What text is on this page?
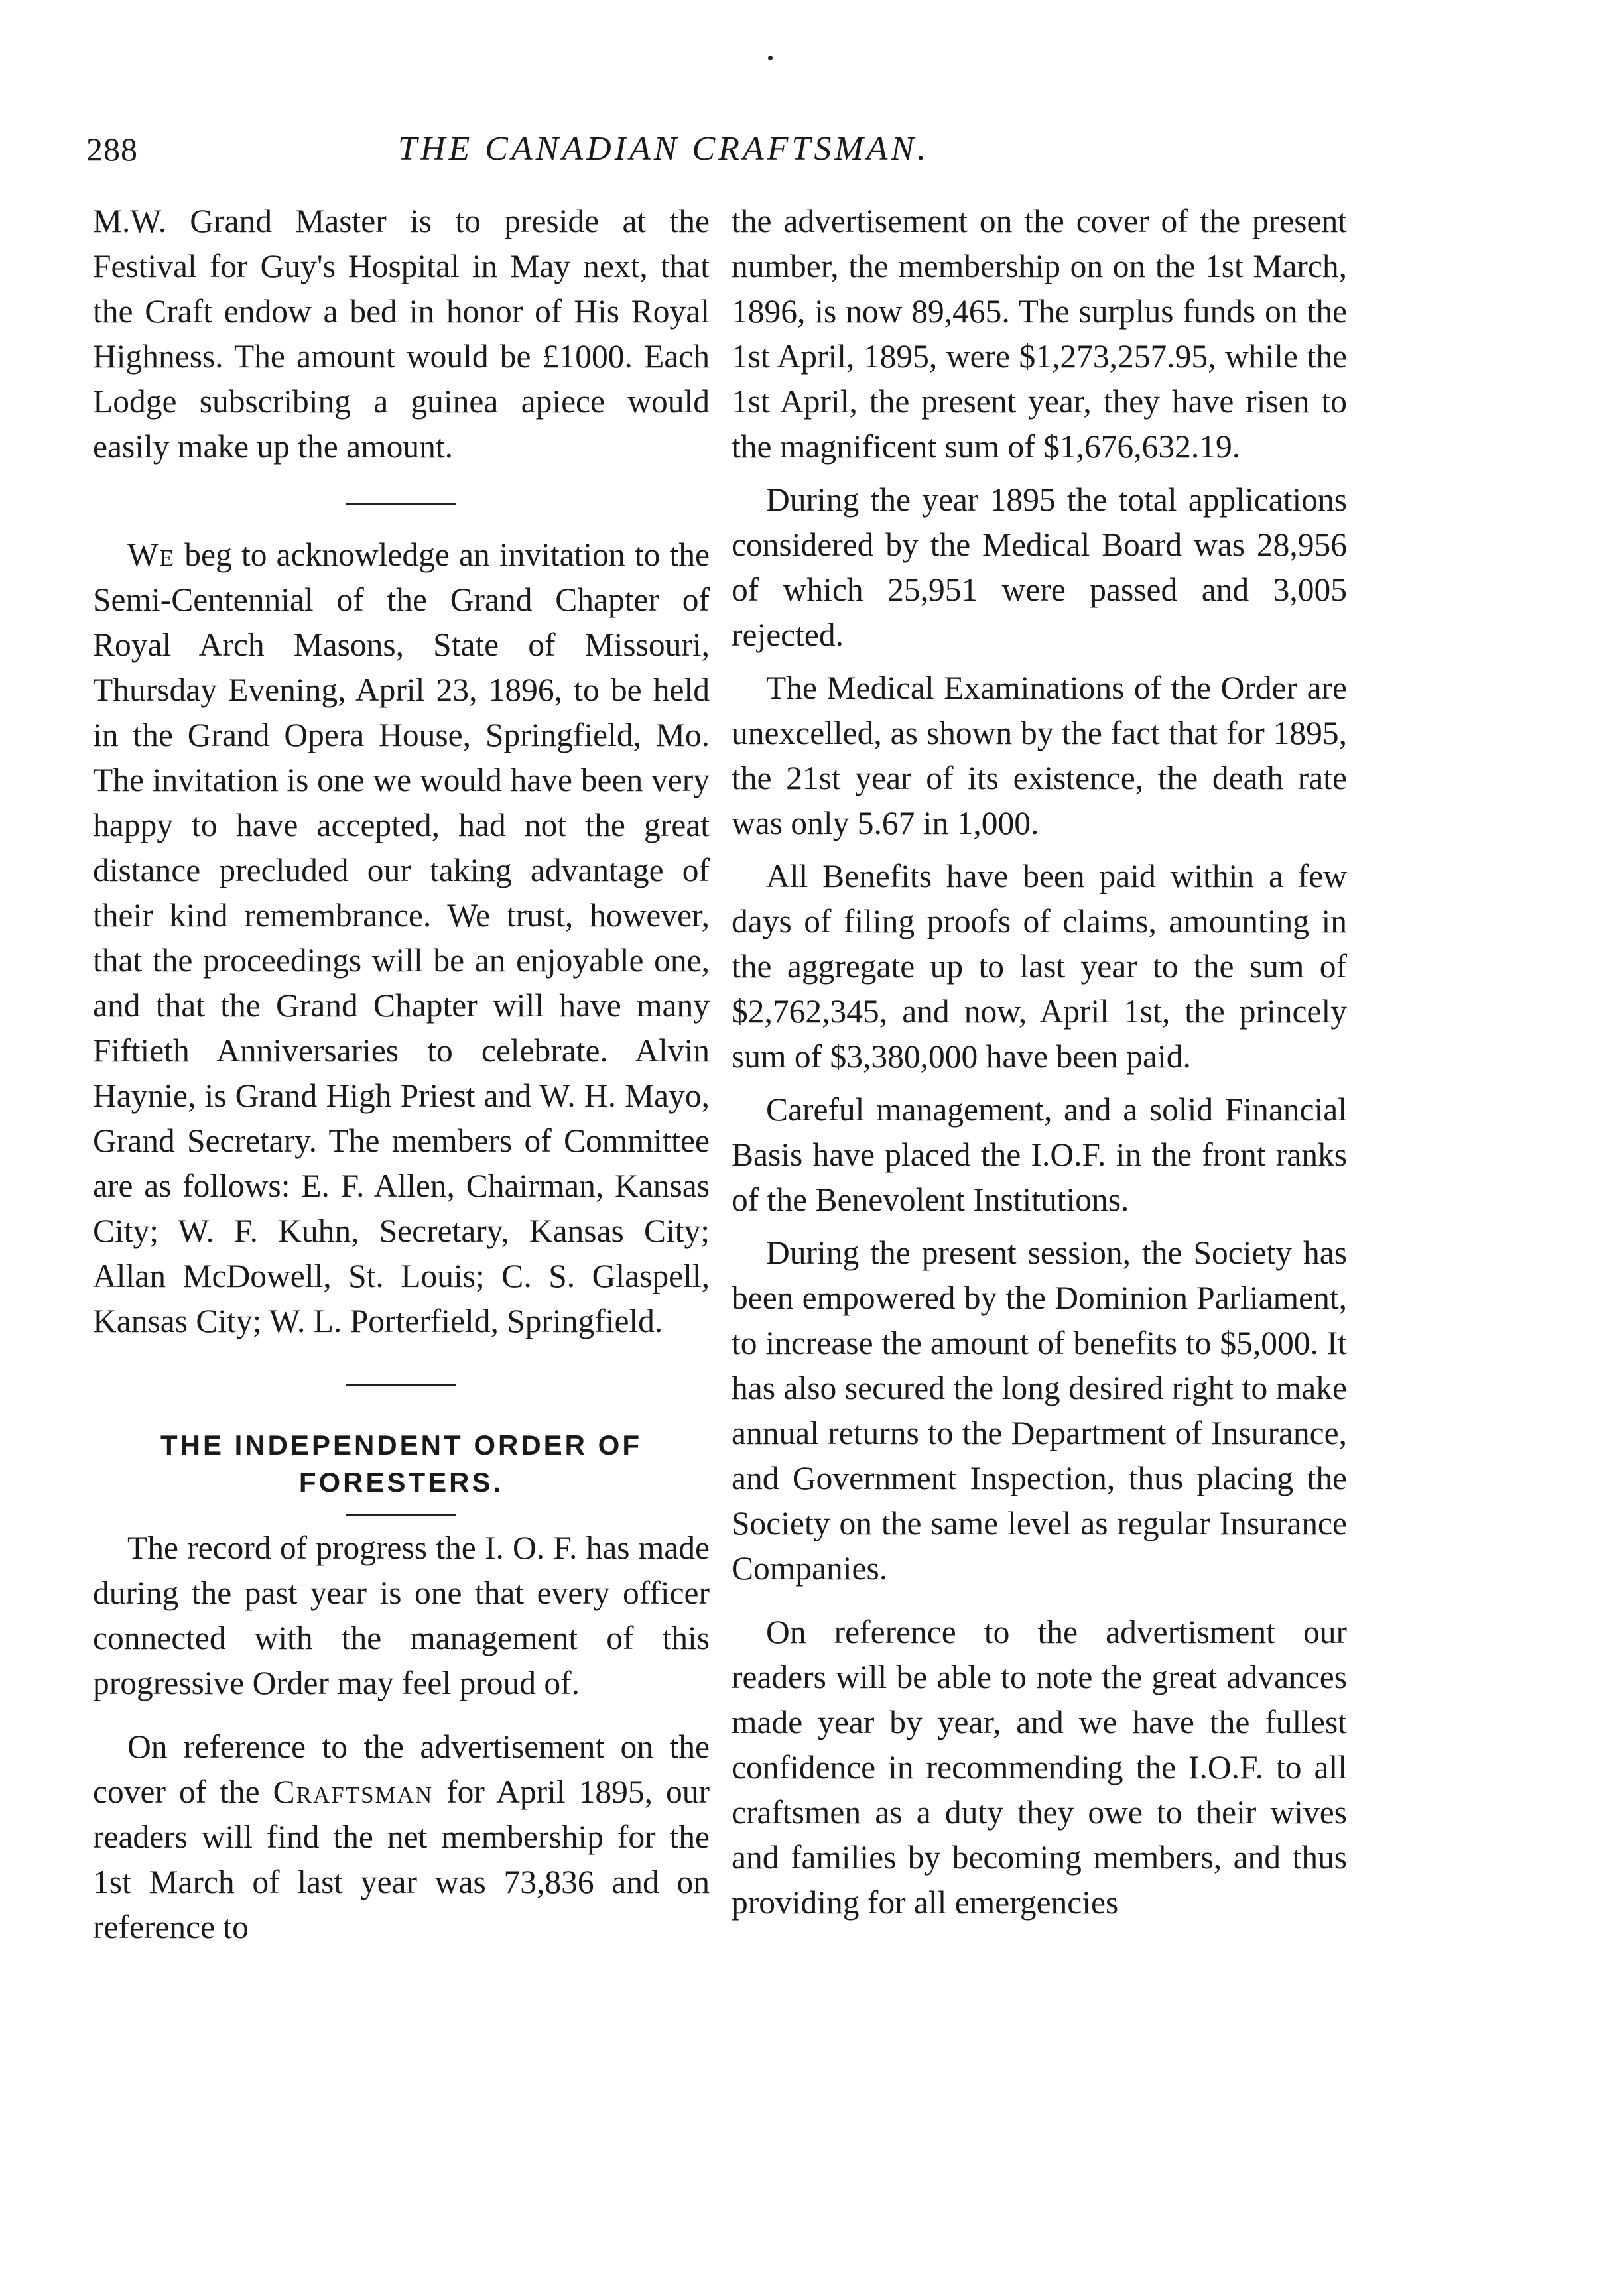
288	THE CANADIAN CRAFTSMAN.

M.W. Grand Master is to preside at the Festival for Guy's Hospital in May next, that the Craft endow a bed in honor of His Royal Highness. The amount would be £1000. Each Lodge subscribing a guinea apiece would easily make up the amount.

We beg to acknowledge an invitation to the Semi-Centennial of the Grand Chapter of Royal Arch Masons, State of Missouri, Thursday Evening, April 23, 1896, to be held in the Grand Opera House, Springfield, Mo. The invitation is one we would have been very happy to have accepted, had not the great distance precluded our taking advantage of their kind remembrance. We trust, however, that the proceedings will be an enjoyable one, and that the Grand Chapter will have many Fiftieth Anniversaries to celebrate. Alvin Haynie, is Grand High Priest and W. H. Mayo, Grand Secretary. The members of Committee are as follows: E. F. Allen, Chairman, Kansas City; W. F. Kuhn, Secretary, Kansas City; Allan McDowell, St. Louis; C. S. Glaspell, Kansas City; W. L. Porterfield, Springfield.

THE INDEPENDENT ORDER OF FORESTERS.

The record of progress the I. O. F. has made during the past year is one that every officer connected with the management of this progressive Order may feel proud of.

On reference to the advertisement on the cover of the Craftsman for April 1895, our readers will find the net membership for the 1st March of last year was 73,836 and on reference to

the advertisement on the cover of the present number, the membership on on the 1st March, 1896, is now 89,465. The surplus funds on the 1st April, 1895, were $1,273,257.95, while the 1st April, the present year, they have risen to the magnificent sum of $1,676,632.19.

During the year 1895 the total applications considered by the Medical Board was 28,956 of which 25,951 were passed and 3,005 rejected.

The Medical Examinations of the Order are unexcelled, as shown by the fact that for 1895, the 21st year of its existence, the death rate was only 5.67 in 1,000.

All Benefits have been paid within a few days of filing proofs of claims, amounting in the aggregate up to last year to the sum of $2,762,345, and now, April 1st, the princely sum of $3,380,000 have been paid.

Careful management, and a solid Financial Basis have placed the I.O.F. in the front ranks of the Benevolent Institutions.

During the present session, the Society has been empowered by the Dominion Parliament, to increase the amount of benefits to $5,000. It has also secured the long desired right to make annual returns to the Department of Insurance, and Government Inspection, thus placing the Society on the same level as regular Insurance Companies.

On reference to the advertisment our readers will be able to note the great advances made year by year, and we have the fullest confidence in recommending the I.O.F. to all craftsmen as a duty they owe to their wives and families by becoming members, and thus providing for all emergencies
